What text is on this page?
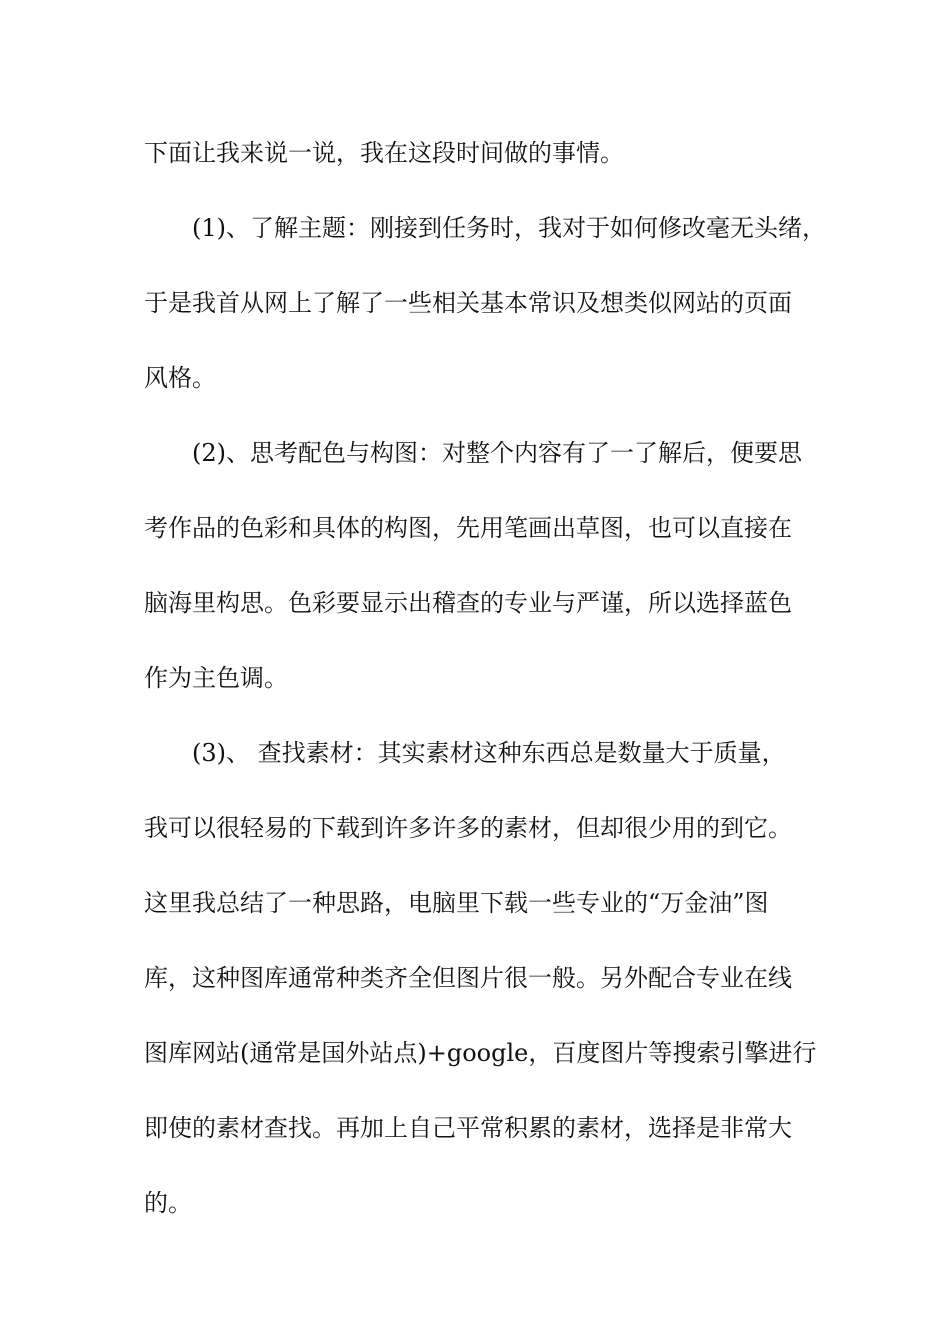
下面让我来说一说，我在这段时间做的事情。
(1)、了解主题：刚接到任务时，我对于如何修改毫无头绪，
于是我首从网上了解了一些相关基本常识及想类似网站的页面
风格。
(2)、思考配色与构图：对整个内容有了一了解后，便要思
考作品的色彩和具体的构图，先用笔画出草图，也可以直接在
脑海里构思。色彩要显示出稽查的专业与严谨，所以选择蓝色
作为主色调。
(3)、 查找素材：其实素材这种东西总是数量大于质量，
我可以很轻易的下载到许多许多的素材，但却很少用的到它。
这里我总结了一种思路，电脑里下载一些专业的“万金油”图
库，这种图库通常种类齐全但图片很一般。另外配合专业在线
图库网站(通常是国外站点)+google，百度图片等搜索引擎进行
即使的素材查找。再加上自己平常积累的素材，选择是非常大
的。
